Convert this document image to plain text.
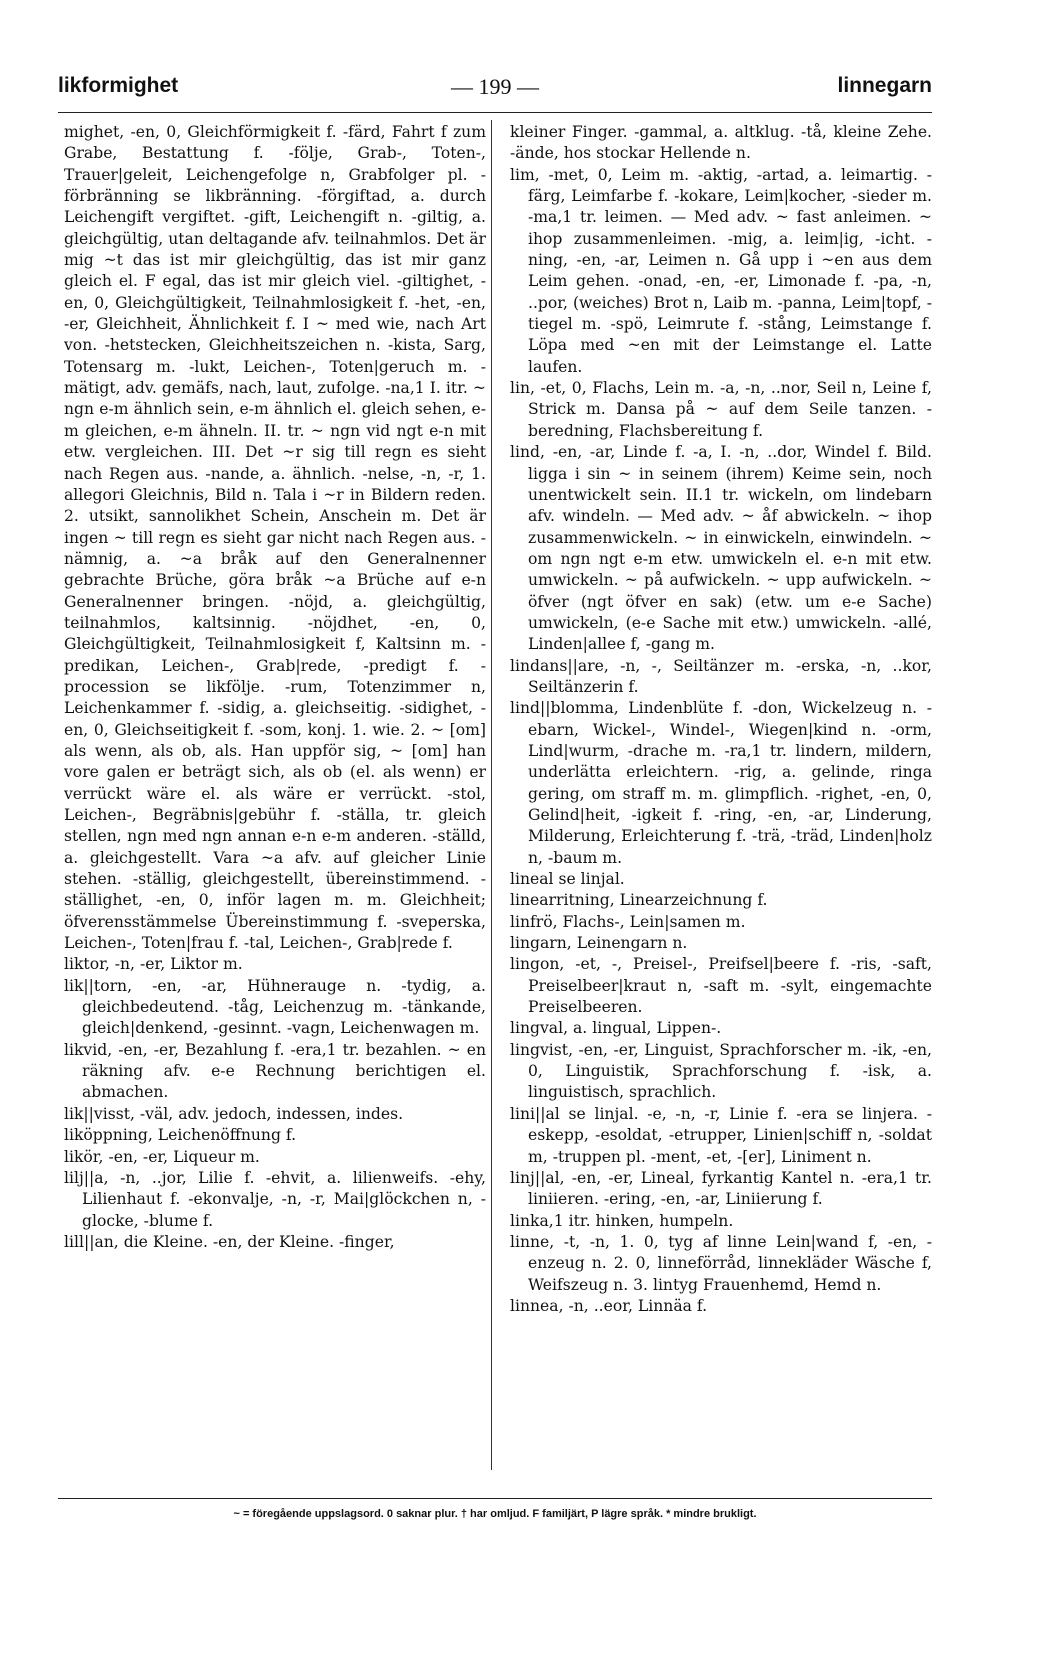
likformighet	— 199 —	linnegarn

mighet, -en, 0, Gleichförmigkeit f. -färd, Fahrt f zum Grabe, Bestattung f. -följe, Grab-, Toten-, Trauer|geleit, Leichengefolge n, Grabfolger pl. -förbränning se likbränning. -förgiftad, a. durch Leichengift vergiftet. -gift, Leichengift n. -giltig, a. gleichgültig, utan deltagande afv. teilnahmlos. Det är mig ~t das ist mir gleichgültig, das ist mir ganz gleich el. F egal, das ist mir gleich viel. -giltighet, -en, 0, Gleichgültigkeit, Teilnahmlosigkeit f. -het, -en, -er, Gleichheit, Ähnlichkeit f. I ~ med wie, nach Art von. -hetstecken, Gleichheitszeichen n. -kista, Sarg, Totensarg m. -lukt, Leichen-, Toten|geruch m. -mätigt, adv. gemäfs, nach, laut, zufolge. -na,1 I. itr. ~ ngn e-m ähnlich sein, e-m ähnlich el. gleich sehen, e-m gleichen, e-m ähneln. II. tr. ~ ngn vid ngt e-n mit etw. vergleichen. III. Det ~r sig till regn es sieht nach Regen aus. -nande, a. ähnlich. -nelse, -n, -r, 1. allegori Gleichnis, Bild n. Tala i ~r in Bildern reden. 2. utsikt, sannolikhet Schein, Anschein m. Det är ingen ~ till regn es sieht gar nicht nach Regen aus. -nämnig, a. ~a bråk auf den Generalnenner gebrachte Brüche, göra bråk ~a Brüche auf e-n Generalnenner bringen. -nöjd, a. gleichgültig, teilnahmlos, kaltsinnig. -nöjdhet, -en, 0, Gleichgültigkeit, Teilnahmlosigkeit f, Kaltsinn m. -predikan, Leichen-, Grab|rede, -predigt f. -procession se likfölje. -rum, Totenzimmer n, Leichenkammer f. -sidig, a. gleichseitig. -sidighet, -en, 0, Gleichseitigkeit f. -som, konj. 1. wie. 2. ~ [om] als wenn, als ob, als. Han uppför sig, ~ [om] han vore galen er beträgt sich, als ob (el. als wenn) er verrückt wäre el. als wäre er verrückt. -stol, Leichen-, Begräbnis|gebühr f. -ställa, tr. gleich stellen, ngn med ngn annan e-n e-m anderen. -ställd, a. gleichgestellt. Vara ~a afv. auf gleicher Linie stehen. -ställig, gleichgestellt, übereinstimmend. -ställighet, -en, 0, inför lagen m. m. Gleichheit; öfverensstämmelse Übereinstimmung f. -sveperska, Leichen-, Toten|frau f. -tal, Leichen-, Grab|rede f.

liktor, -n, -er, Liktor m.

lik||torn, -en, -ar, Hühnerauge n. -tydig, a. gleichbedeutend. -tåg, Leichenzug m. -tänkande, gleich|denkend, -gesinnt. -vagn, Leichenwagen m.

likvid, -en, -er, Bezahlung f. -era,1 tr. bezahlen. ~ en räkning afv. e-e Rechnung berichtigen el. abmachen.

lik||visst, -väl, adv. jedoch, indessen, indes.

liköppning, Leichenöffnung f.

likör, -en, -er, Liqueur m.

lilj||a, -n, ..jor, Lilie f. -ehvit, a. lilienweifs. -ehy, Lilienhaut f. -ekonvalje, -n, -r, Mai|glöckchen n, -glocke, -blume f.

lill||an, die Kleine. -en, der Kleine. -finger,

kleiner Finger. -gammal, a. altklug. -tå, kleine Zehe. -ände, hos stockar Hellende n.

lim, -met, 0, Leim m. -aktig, -artad, a. leimartig. -färg, Leimfarbe f. -kokare, Leim|kocher, -sieder m. -ma,1 tr. leimen. — Med adv. ~ fast anleimen. ~ ihop zusammenleimen. -mig, a. leim|ig, -icht. -ning, -en, -ar, Leimen n. Gå upp i ~en aus dem Leim gehen. -onad, -en, -er, Limonade f. -pa, -n, ..por, (weiches) Brot n, Laib m. -panna, Leim|topf, -tiegel m. -spö, Leimrute f. -stång, Leimstange f. Löpa med ~en mit der Leimstange el. Latte laufen.

lin, -et, 0, Flachs, Lein m. -a, -n, ..nor, Seil n, Leine f, Strick m. Dansa på ~ auf dem Seile tanzen. -beredning, Flachsbereitung f.

lind, -en, -ar, Linde f. -a, I. -n, ..dor, Windel f. Bild. ligga i sin ~ in seinem (ihrem) Keime sein, noch unentwickelt sein. II.1 tr. wickeln, om lindebarn afv. windeln. — Med adv. ~ åf abwickeln. ~ ihop zusammenwickeln. ~ in einwickeln, einwindeln. ~ om ngn ngt e-m etw. umwickeln el. e-n mit etw. umwickeln. ~ på aufwickeln. ~ upp aufwickeln. ~ öfver (ngt öfver en sak) (etw. um e-e Sache) umwickeln, (e-e Sache mit etw.) umwickeln. -allé, Linden|allee f, -gang m.

lindans||are, -n, -, Seiltänzer m. -erska, -n, ..kor, Seiltänzerin f.

lind||blomma, Lindenblüte f. -don, Wickelzeug n. -ebarn, Wickel-, Windel-, Wiegen|kind n. -orm, Lind|wurm, -drache m. -ra,1 tr. lindern, mildern, underlätta erleichtern. -rig, a. gelinde, ringa gering, om straff m. m. glimpflich. -righet, -en, 0, Gelind|heit, -igkeit f. -ring, -en, -ar, Linderung, Milderung, Erleichterung f. -trä, -träd, Linden|holz n, -baum m.

lineal se linjal.

linearritning, Linearzeichnung f.

linfrö, Flachs-, Lein|samen m.

lingarn, Leinengarn n.

lingon, -et, -, Preisel-, Preifsel|beere f. -ris, -saft, Preiselbeer|kraut n, -saft m. -sylt, eingemachte Preiselbeeren.

lingval, a. lingual, Lippen-.

lingvist, -en, -er, Linguist, Sprachforscher m. -ik, -en, 0, Linguistik, Sprachforschung f. -isk, a. linguistisch, sprachlich.

lini||al se linjal. -e, -n, -r, Linie f. -era se linjera. -eskepp, -esoldat, -etrupper, Linien|schiff n, -soldat m, -truppen pl. -ment, -et, -[er], Liniment n.

linj||al, -en, -er, Lineal, fyrkantig Kantel n. -era,1 tr. liniieren. -ering, -en, -ar, Liniierung f.

linka,1 itr. hinken, humpeln.

linne, -t, -n, 1. 0, tyg af linne Lein|wand f, -en, -enzeug n. 2. 0, linneförråd, linnekläder Wäsche f, Weifszeug n. 3. lintyg Frauenhemd, Hemd n.

linnea, -n, ..eor, Linnäa f.

~ = föregående uppslagsord. 0 saknar plur. † har omljud. F familjärt, P lägre språk. * mindre brukligt.
